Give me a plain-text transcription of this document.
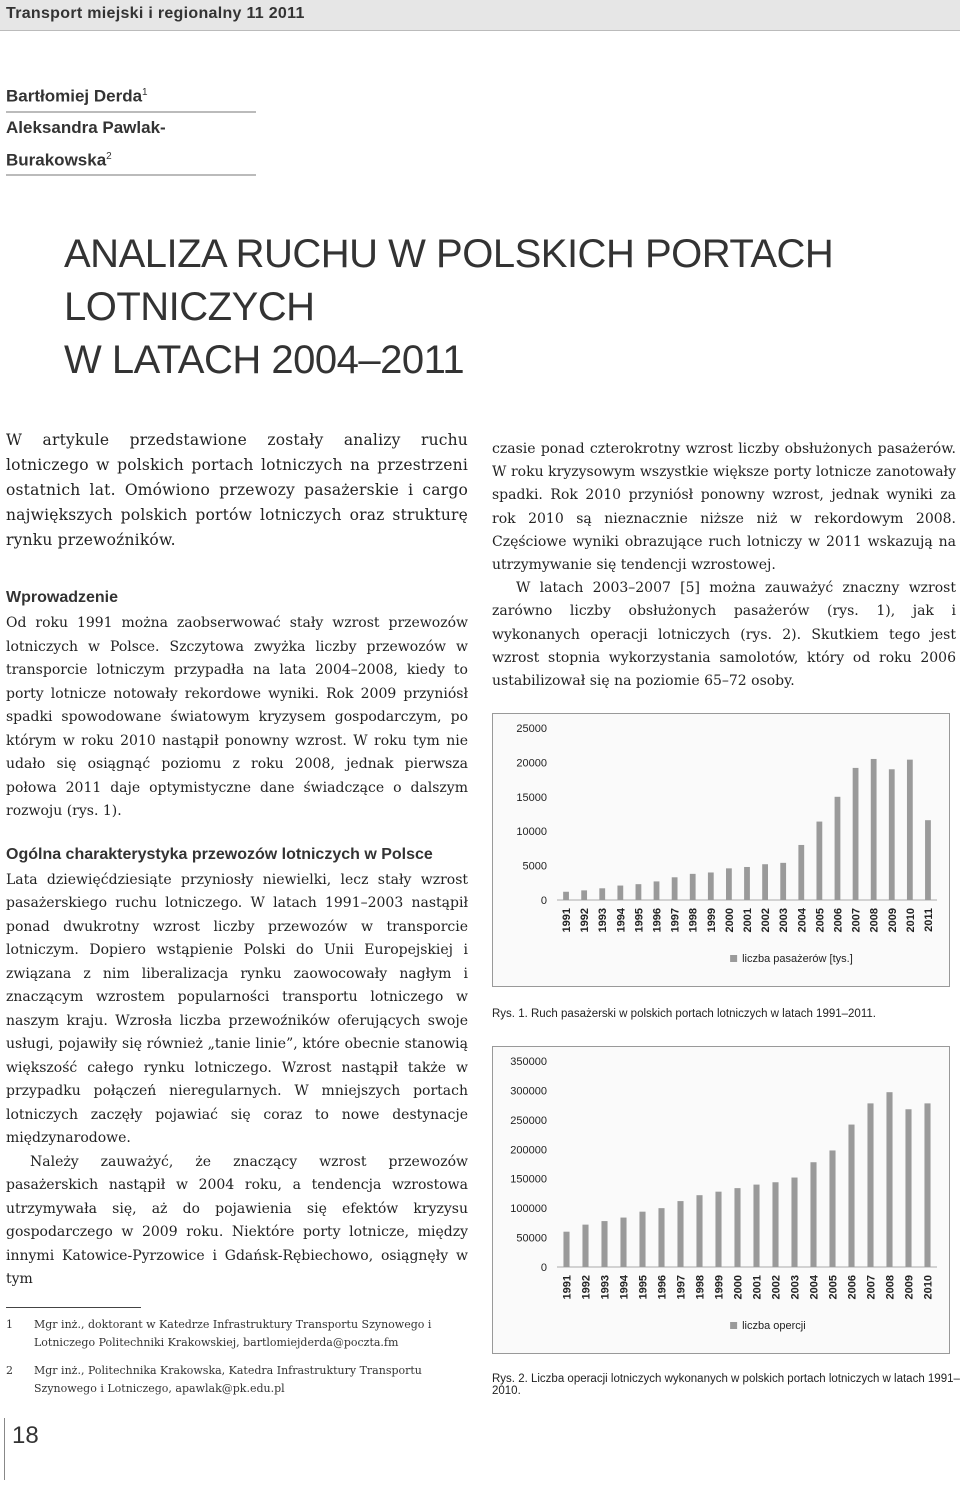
Transport miejski i regionalny 11 2011
Bartłomiej Derda$^1$
Aleksandra Pawlak-Burakowska$^2$
ANALIZA RUCHU W POLSKICH PORTACH LOTNICZYCH
W LATACH 2004–2011

W artykule przedstawione zostały analizy ruchu lotniczego w polskich portach lotniczych na przestrzeni ostatnich lat. Omówiono przewozy pasażerskie i cargo największych polskich portów lotniczych oraz strukturę rynku przewoźników.

Wprowadzenie

Od roku 1991 można zaobserwować stały wzrost przewozów lotniczych w Polsce. Szczytowa zwyżka liczby przewozów w transporcie lotniczym przypadła na lata 2004–2008, kiedy to porty lotnicze notowały rekordowe wyniki. Rok 2009 przyniósł spadki spowodowane światowym kryzysem gospodarczym, po którym w roku 2010 nastąpił ponowny wzrost. W roku tym nie udało się osiągnąć poziomu z roku 2008, jednak pierwsza połowa 2011 daje optymistyczne dane świadczące o dalszym rozwoju (rys. 1).

Ogólna charakterystyka przewozów lotniczych w Polsce

Lata dziewięćdziesiąte przyniosły niewielki, lecz stały wzrost pasażerskiego ruchu lotniczego. W latach 1991–2003 nastąpił ponad dwukrotny wzrost liczby przewozów w transporcie lotniczym. Dopiero wstąpienie Polski do Unii Europejskiej i związana z nim liberalizacja rynku zaowocowały nagłym i znaczącym wzrostem popularności transportu lotniczego w naszym kraju. Wzrosła liczba przewoźników oferujących swoje usługi, pojawiły się również „tanie linie”, które obecnie stanowią większość całego rynku lotniczego. Wzrost nastąpił także w przypadku połączeń nieregularnych. W mniejszych portach lotniczych zaczęły pojawiać się coraz to nowe destynacje międzynarodowe.

Należy zauważyć, że znaczący wzrost przewozów pasażerskich nastąpił w 2004 roku, a tendencja wzrostowa utrzymywała się, aż do pojawienia się efektów kryzysu gospodarczego w 2009 roku. Niektóre porty lotnicze, między innymi Katowice-Pyrzowice i Gdańsk-Rębiechowo, osiągnęły w tym

czasie ponad czterokrotny wzrost liczby obsłużonych pasażerów. W roku kryzysowym wszystkie większe porty lotnicze zanotowały spadki. Rok 2010 przyniósł ponowny wzrost, jednak wyniki za rok 2010 są nieznacznie niższe niż w rekordowym 2008. Częściowe wyniki obrazujące ruch lotniczy w 2011 wskazują na utrzymywanie się tendencji wzrostowej.

W latach 2003–2007 [5] można zauważyć znaczny wzrost zarówno liczby obsłużonych pasażerów (rys. 1), jak i wykonanych operacji lotniczych (rys. 2). Skutkiem tego jest wzrost stopnia wykorzystania samolotów, który od roku 2006 ustabilizował się na poziomie 65–72 osoby.

0
5000
10000
15000
20000
25000
1991 1992 1993 1994 1995 1996 1997 1998 1999 2000 2001 2002 2003 2004 2005 2006 2007 2008 2009 2010 2011
liczba pasażerów [tys.]
Rys. 1. Ruch pasażerski w polskich portach lotniczych w latach 1991–2011.
0
50000
100000
150000
200000
250000
300000
350000
1991 1992 1993 1994 1995 1996 1997 1998 1999 2000 2001 2002 2003 2004 2005 2006 2007 2008 2009 2010
liczba opercji
Rys. 2. Liczba operacji lotniczych wykonanych w polskich portach lotniczych w latach 1991–2010.
1 Mgr inż., doktorant w Katedrze Infrastruktury Transportu Szynowego i Lotniczego Politechniki Krakowskiej, bartlomiejderda@poczta.fm
2 Mgr inż., Politechnika Krakowska, Katedra Infrastruktury Transportu Szynowego i Lotniczego, apawlak@pk.edu.pl
18
